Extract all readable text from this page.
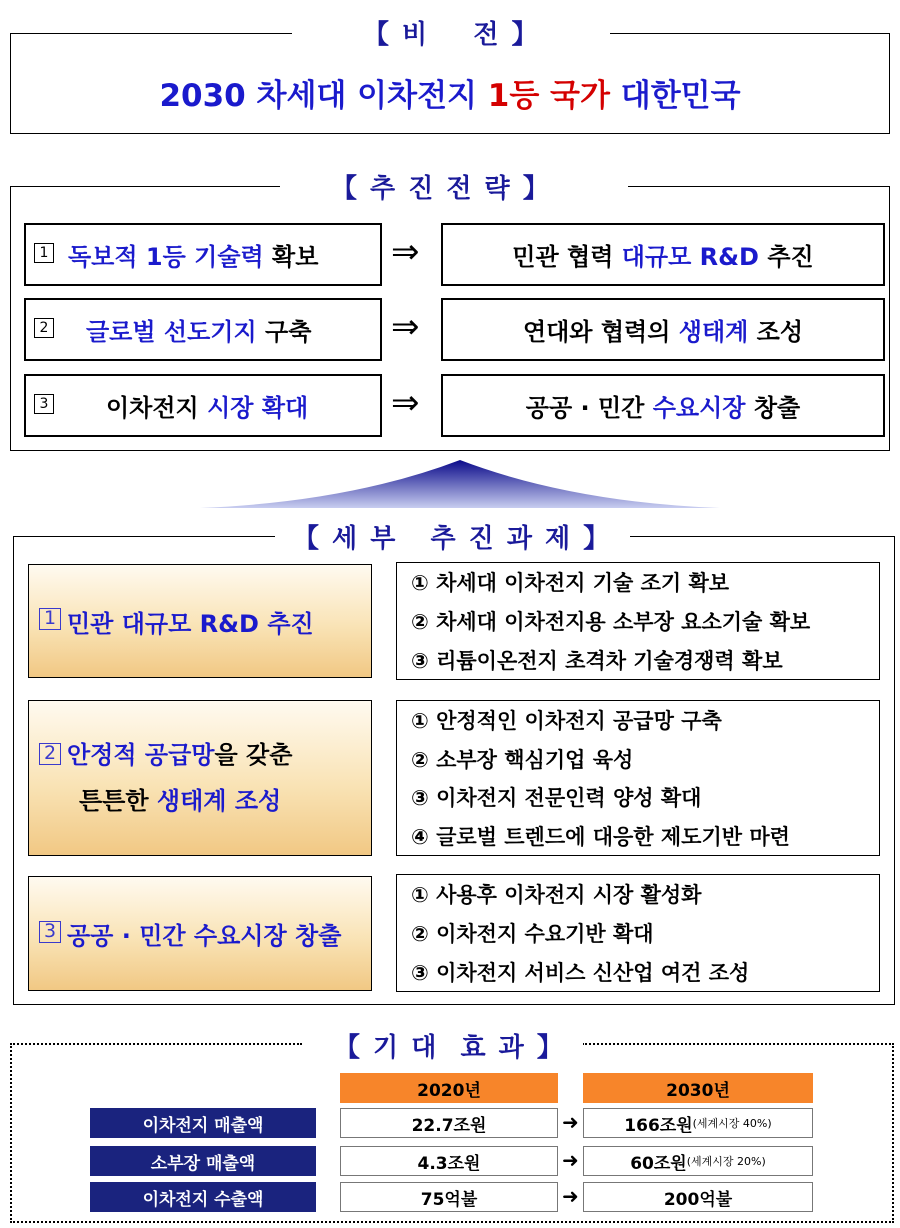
【 비    전 】
2030 차세대 이차전지 1등 국가 대한민국
【 추 진 전 략 】
1 독보적 1등 기술력 확보 ⇒	민관 협력 대규모 R&D 추진
2 글로벌 선도기지 구축 ⇒	연대와 협력의 생태계 조성
3 이차전지 시장 확대 ⇒	공공 · 민간 수요시장 창출
【 세 부   추 진 과 제 】
1 민관 대규모 R&D 추진
① 차세대 이차전지 기술 조기 확보
② 차세대 이차전지용 소부장 요소기술 확보
③ 리튬이온전지 초격차 기술경쟁력 확보
2 안정적 공급망을 갖춘
튼튼한 생태계 조성
① 안정적인 이차전지 공급망 구축
② 소부장 핵심기업 육성
③ 이차전지 전문인력 양성 확대
④ 글로벌 트렌드에 대응한 제도기반 마련
3 공공 · 민간 수요시장 창출
① 사용후 이차전지 시장 활성화
② 이차전지 수요기반 확대
③ 이차전지 서비스 신산업 여건 조성
【 기 대  효 과 】
2020년	2030년
이차전지 매출액	22.7조원	➜	166조원 (세계시장 40%)
소부장 매출액	4.3조원	➜	60조원 (세계시장 20%)
이차전지 수출액	75억불	➜	200억불
